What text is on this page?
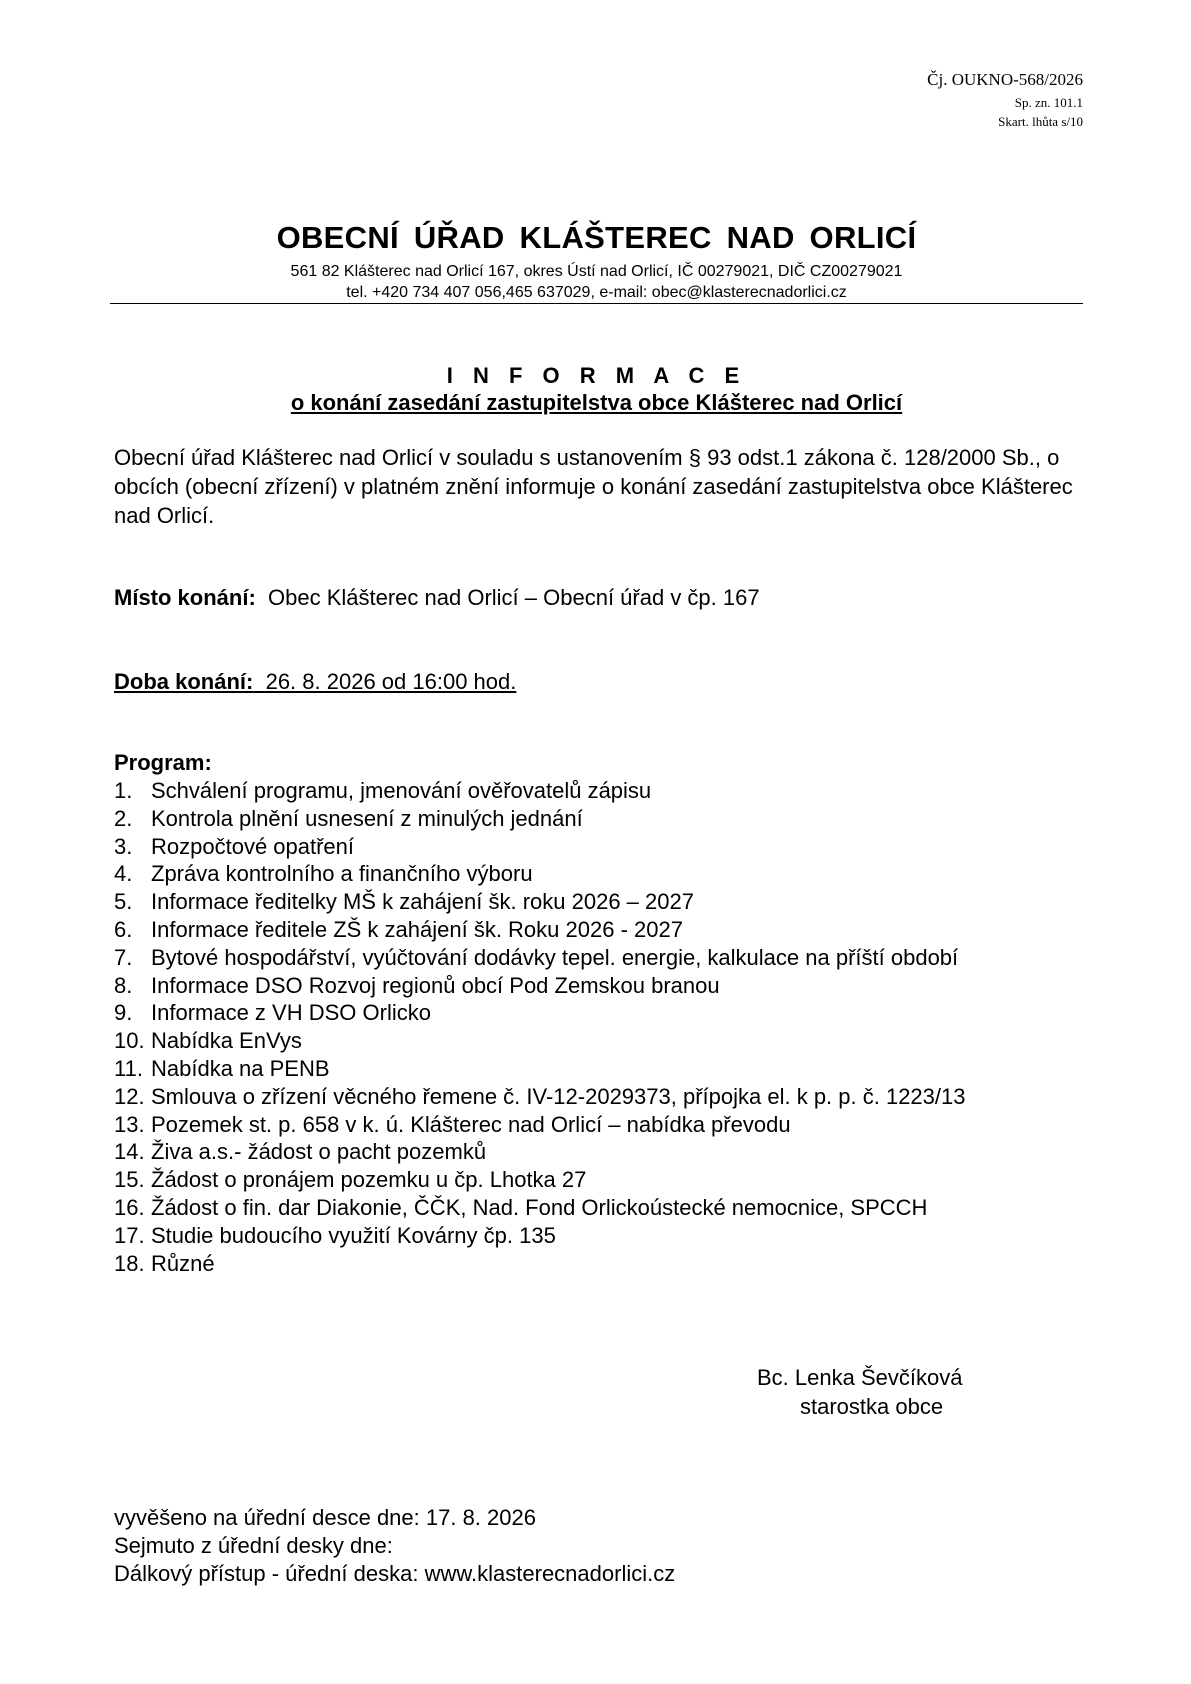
Čj. OUKNO-568/2026
Sp. zn. 101.1
Skart. lhůta s/10
OBECNÍ ÚŘAD KLÁŠTEREC NAD ORLICÍ
561 82 Klášterec nad Orlicí 167, okres Ústí nad Orlicí, IČ 00279021, DIČ CZ00279021
tel. +420 734 407 056,465 637029, e-mail: obec@klasterecnadorlici.cz
I N F O R M A C E
o konání zasedání zastupitelstva obce Klášterec nad Orlicí
Obecní úřad Klášterec nad Orlicí v souladu s ustanovením § 93 odst.1 zákona č. 128/2000 Sb., o obcích (obecní zřízení) v platném znění informuje o konání zasedání zastupitelstva obce Klášterec nad Orlicí.
Místo konání: Obec Klášterec nad Orlicí – Obecní úřad v čp. 167
Doba konání: 26. 8. 2026 od 16:00 hod.
Program:
1. Schválení programu, jmenování ověřovatelů zápisu
2. Kontrola plnění usnesení z minulých jednání
3. Rozpočtové opatření
4. Zpráva kontrolního a finančního výboru
5. Informace ředitelky MŠ k zahájení šk. roku 2026 – 2027
6. Informace ředitele ZŠ k zahájení šk. Roku 2026 - 2027
7. Bytové hospodářství, vyúčtování dodávky tepel. energie, kalkulace na příští období
8. Informace DSO Rozvoj regionů obcí Pod Zemskou branou
9. Informace z VH DSO Orlicko
10. Nabídka EnVys
11. Nabídka na PENB
12. Smlouva o zřízení věcného řemene č. IV-12-2029373, přípojka el. k p. p. č. 1223/13
13. Pozemek st. p. 658 v k. ú. Klášterec nad Orlicí – nabídka převodu
14. Živa a.s.- žádost o pacht pozemků
15. Žádost o pronájem pozemku u čp. Lhotka 27
16. Žádost o fin. dar Diakonie, ČČK, Nad. Fond Orlickoústecké nemocnice, SPCCH
17. Studie budoucího využití Kovárny čp. 135
18. Různé
Bc. Lenka Ševčíková
starostka obce
vyvěšeno na úřední desce dne: 17. 8. 2026
Sejmuto z úřední desky dne:
Dálkový přístup - úřední deska: www.klasterecnadorlici.cz
